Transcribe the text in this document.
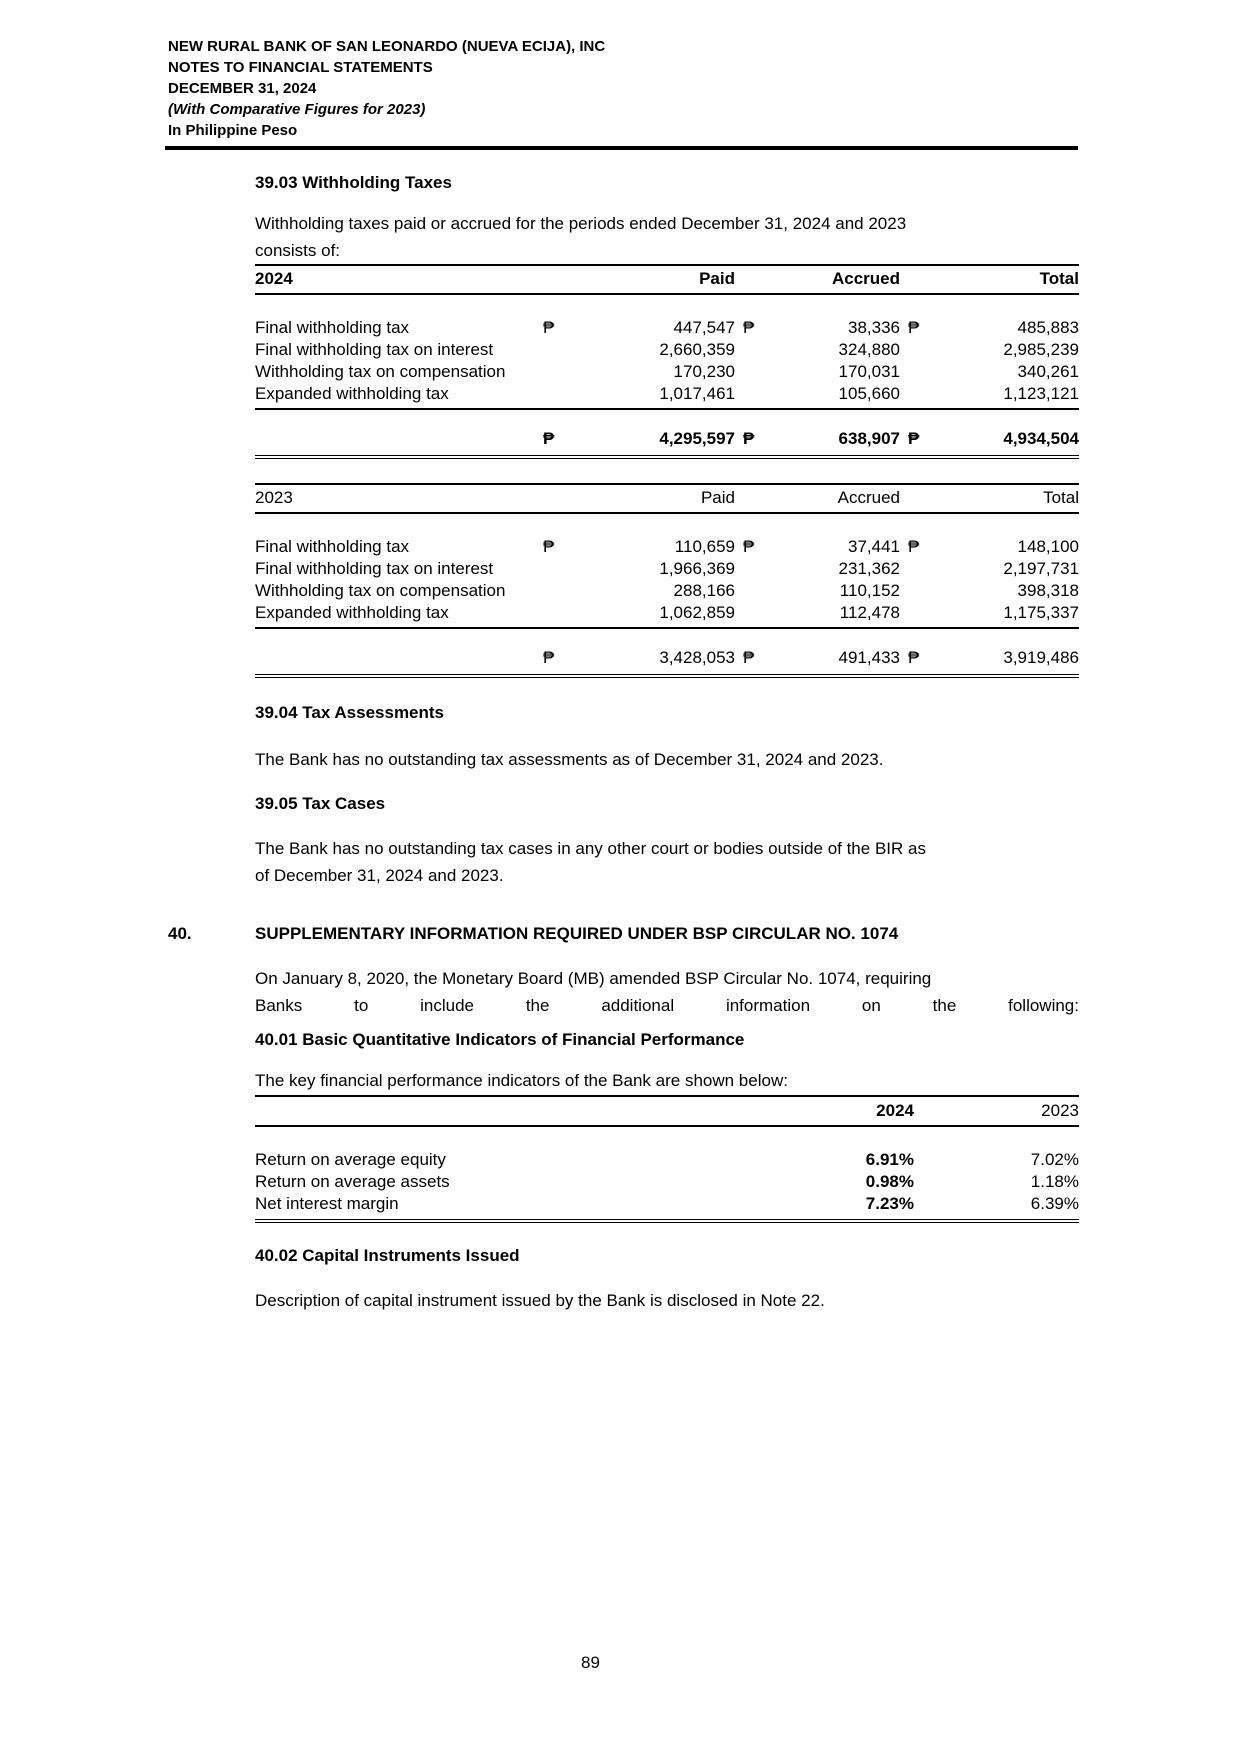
NEW RURAL BANK OF SAN LEONARDO (NUEVA ECIJA), INC
NOTES TO FINANCIAL STATEMENTS
DECEMBER 31, 2024
(With Comparative Figures for 2023)
In Philippine Peso
39.03 Withholding Taxes
Withholding taxes paid or accrued for the periods ended December 31, 2024 and 2023
consists of:
2024	Paid	Accrued	Total
Final withholding tax	₱	447,547 ₱	38,336 ₱	485,883
Final withholding tax on interest	2,660,359	324,880	2,985,239
Withholding tax on compensation	170,230	170,031	340,261
Expanded withholding tax	1,017,461	105,660	1,123,121
₱	4,295,597 ₱	638,907 ₱	4,934,504
2023	Paid	Accrued	Total
Final withholding tax	₱	110,659 ₱	37,441 ₱	148,100
Final withholding tax on interest	1,966,369	231,362	2,197,731
Withholding tax on compensation	288,166	110,152	398,318
Expanded withholding tax	1,062,859	112,478	1,175,337
₱	3,428,053 ₱	491,433 ₱	3,919,486
39.04 Tax Assessments
The Bank has no outstanding tax assessments as of December 31, 2024 and 2023.
39.05 Tax Cases
The Bank has no outstanding tax cases in any other court or bodies outside of the BIR as
of December 31, 2024 and 2023.
40.	SUPPLEMENTARY INFORMATION REQUIRED UNDER BSP CIRCULAR NO. 1074
On January 8, 2020, the Monetary Board (MB) amended BSP Circular No. 1074, requiring
Banks to include the additional information on the following:
40.01 Basic Quantitative Indicators of Financial Performance
The key financial performance indicators of the Bank are shown below:
2024	2023
Return on average equity	6.91%	7.02%
Return on average assets	0.98%	1.18%
Net interest margin	7.23%	6.39%
40.02 Capital Instruments Issued
Description of capital instrument issued by the Bank is disclosed in Note 22.
89
